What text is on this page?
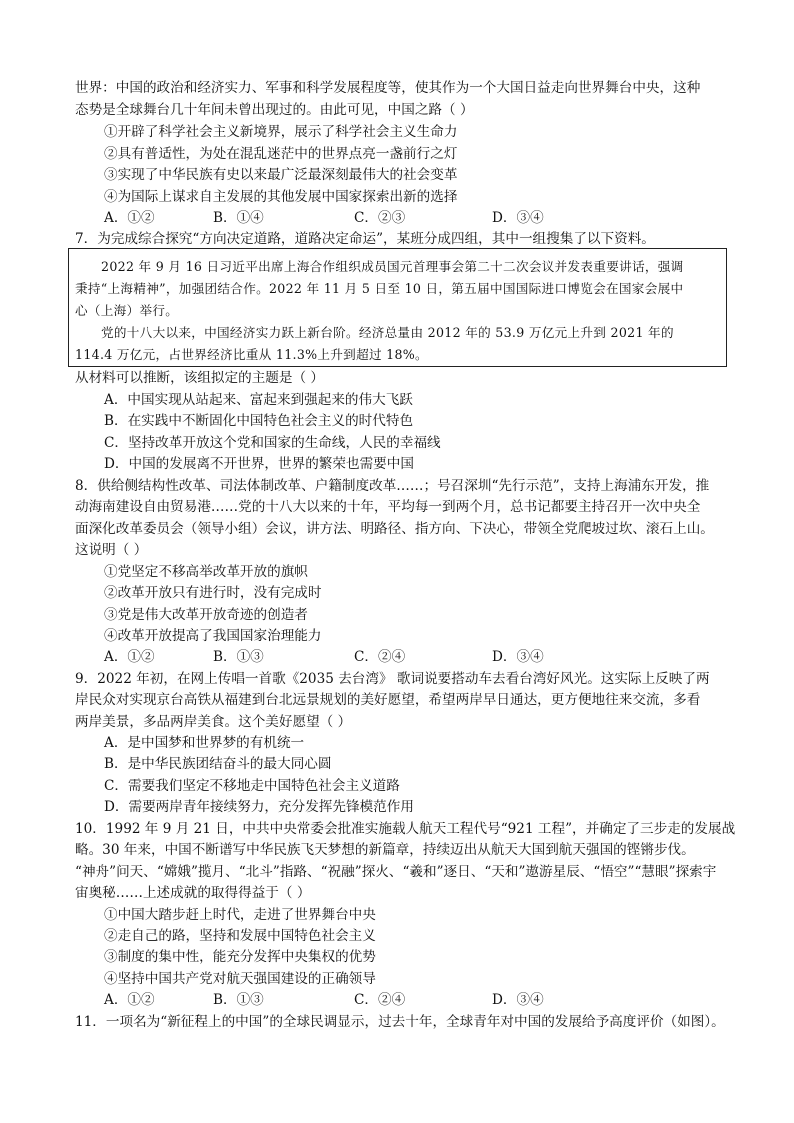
世界：中国的政治和经济实力、军事和科学发展程度等，使其作为一个大国日益走向世界舞台中央，这种
态势是全球舞台几十年间未曾出现过的。由此可见，中国之路（ ）
①开辟了科学社会主义新境界，展示了科学社会主义生命力
②具有普适性，为处在混乱迷茫中的世界点亮一盏前行之灯
③实现了中华民族有史以来最广泛最深刻最伟大的社会变革
④为国际上谋求自主发展的其他发展中国家探索出新的选择
A．①②	B．①④	C．②③	D．③④
7．为完成综合探究“方向决定道路，道路决定命运”，某班分成四组，其中一组搜集了以下资料。
2022 年 9 月 16 日习近平出席上海合作组织成员国元首理事会第二十二次会议并发表重要讲话，强调
秉持“上海精神”，加强团结合作。2022 年 11 月 5 日至 10 日，第五届中国国际进口博览会在国家会展中
心（上海）举行。
党的十八大以来，中国经济实力跃上新台阶。经济总量由 2012 年的 53.9 万亿元上升到 2021 年的
114.4 万亿元，占世界经济比重从 11.3%上升到超过 18%。
从材料可以推断，该组拟定的主题是（ ）
A．中国实现从站起来、富起来到强起来的伟大飞跃
B．在实践中不断固化中国特色社会主义的时代特色
C．坚持改革开放这个党和国家的生命线，人民的幸福线
D．中国的发展离不开世界，世界的繁荣也需要中国
8．供给侧结构性改革、司法体制改革、户籍制度改革……；号召深圳“先行示范”，支持上海浦东开发，推
动海南建设自由贸易港……党的十八大以来的十年，平均每一到两个月，总书记都要主持召开一次中央全
面深化改革委员会（领导小组）会议，讲方法、明路径、指方向、下决心，带领全党爬坡过坎、滚石上山。
这说明（ ）
①党坚定不移高举改革开放的旗帜
②改革开放只有进行时，没有完成时
③党是伟大改革开放奇迹的创造者
④改革开放提高了我国国家治理能力
A．①②	B．①③	C．②④	D．③④
9．2022 年初，在网上传唱一首歌《2035 去台湾》 歌词说要搭动车去看台湾好风光。这实际上反映了两
岸民众对实现京台高铁从福建到台北远景规划的美好愿望，希望两岸早日通达，更方便地往来交流，多看
两岸美景，多品两岸美食。这个美好愿望（ ）
A．是中国梦和世界梦的有机统一
B．是中华民族团结奋斗的最大同心圆
C．需要我们坚定不移地走中国特色社会主义道路
D．需要两岸青年接续努力，充分发挥先锋模范作用
10．1992 年 9 月 21 日，中共中央常委会批准实施载人航天工程代号“921 工程”，并确定了三步走的发展战
略。30 年来，中国不断谱写中华民族飞天梦想的新篇章，持续迈出从航天大国到航天强国的铿锵步伐。
“神舟”问天、“嫦娥”揽月、“北斗”指路、“祝融”探火、“羲和”逐日、“天和”遨游星辰、“悟空”“慧眼”探索宇
宙奥秘……上述成就的取得得益于（ ）
①中国大踏步赶上时代，走进了世界舞台中央
②走自己的路，坚持和发展中国特色社会主义
③制度的集中性，能充分发挥中央集权的优势
④坚持中国共产党对航天强国建设的正确领导
A．①②	B．①③	C．②④	D．③④
11．一项名为“新征程上的中国”的全球民调显示，过去十年，全球青年对中国的发展给予高度评价（如图）。
